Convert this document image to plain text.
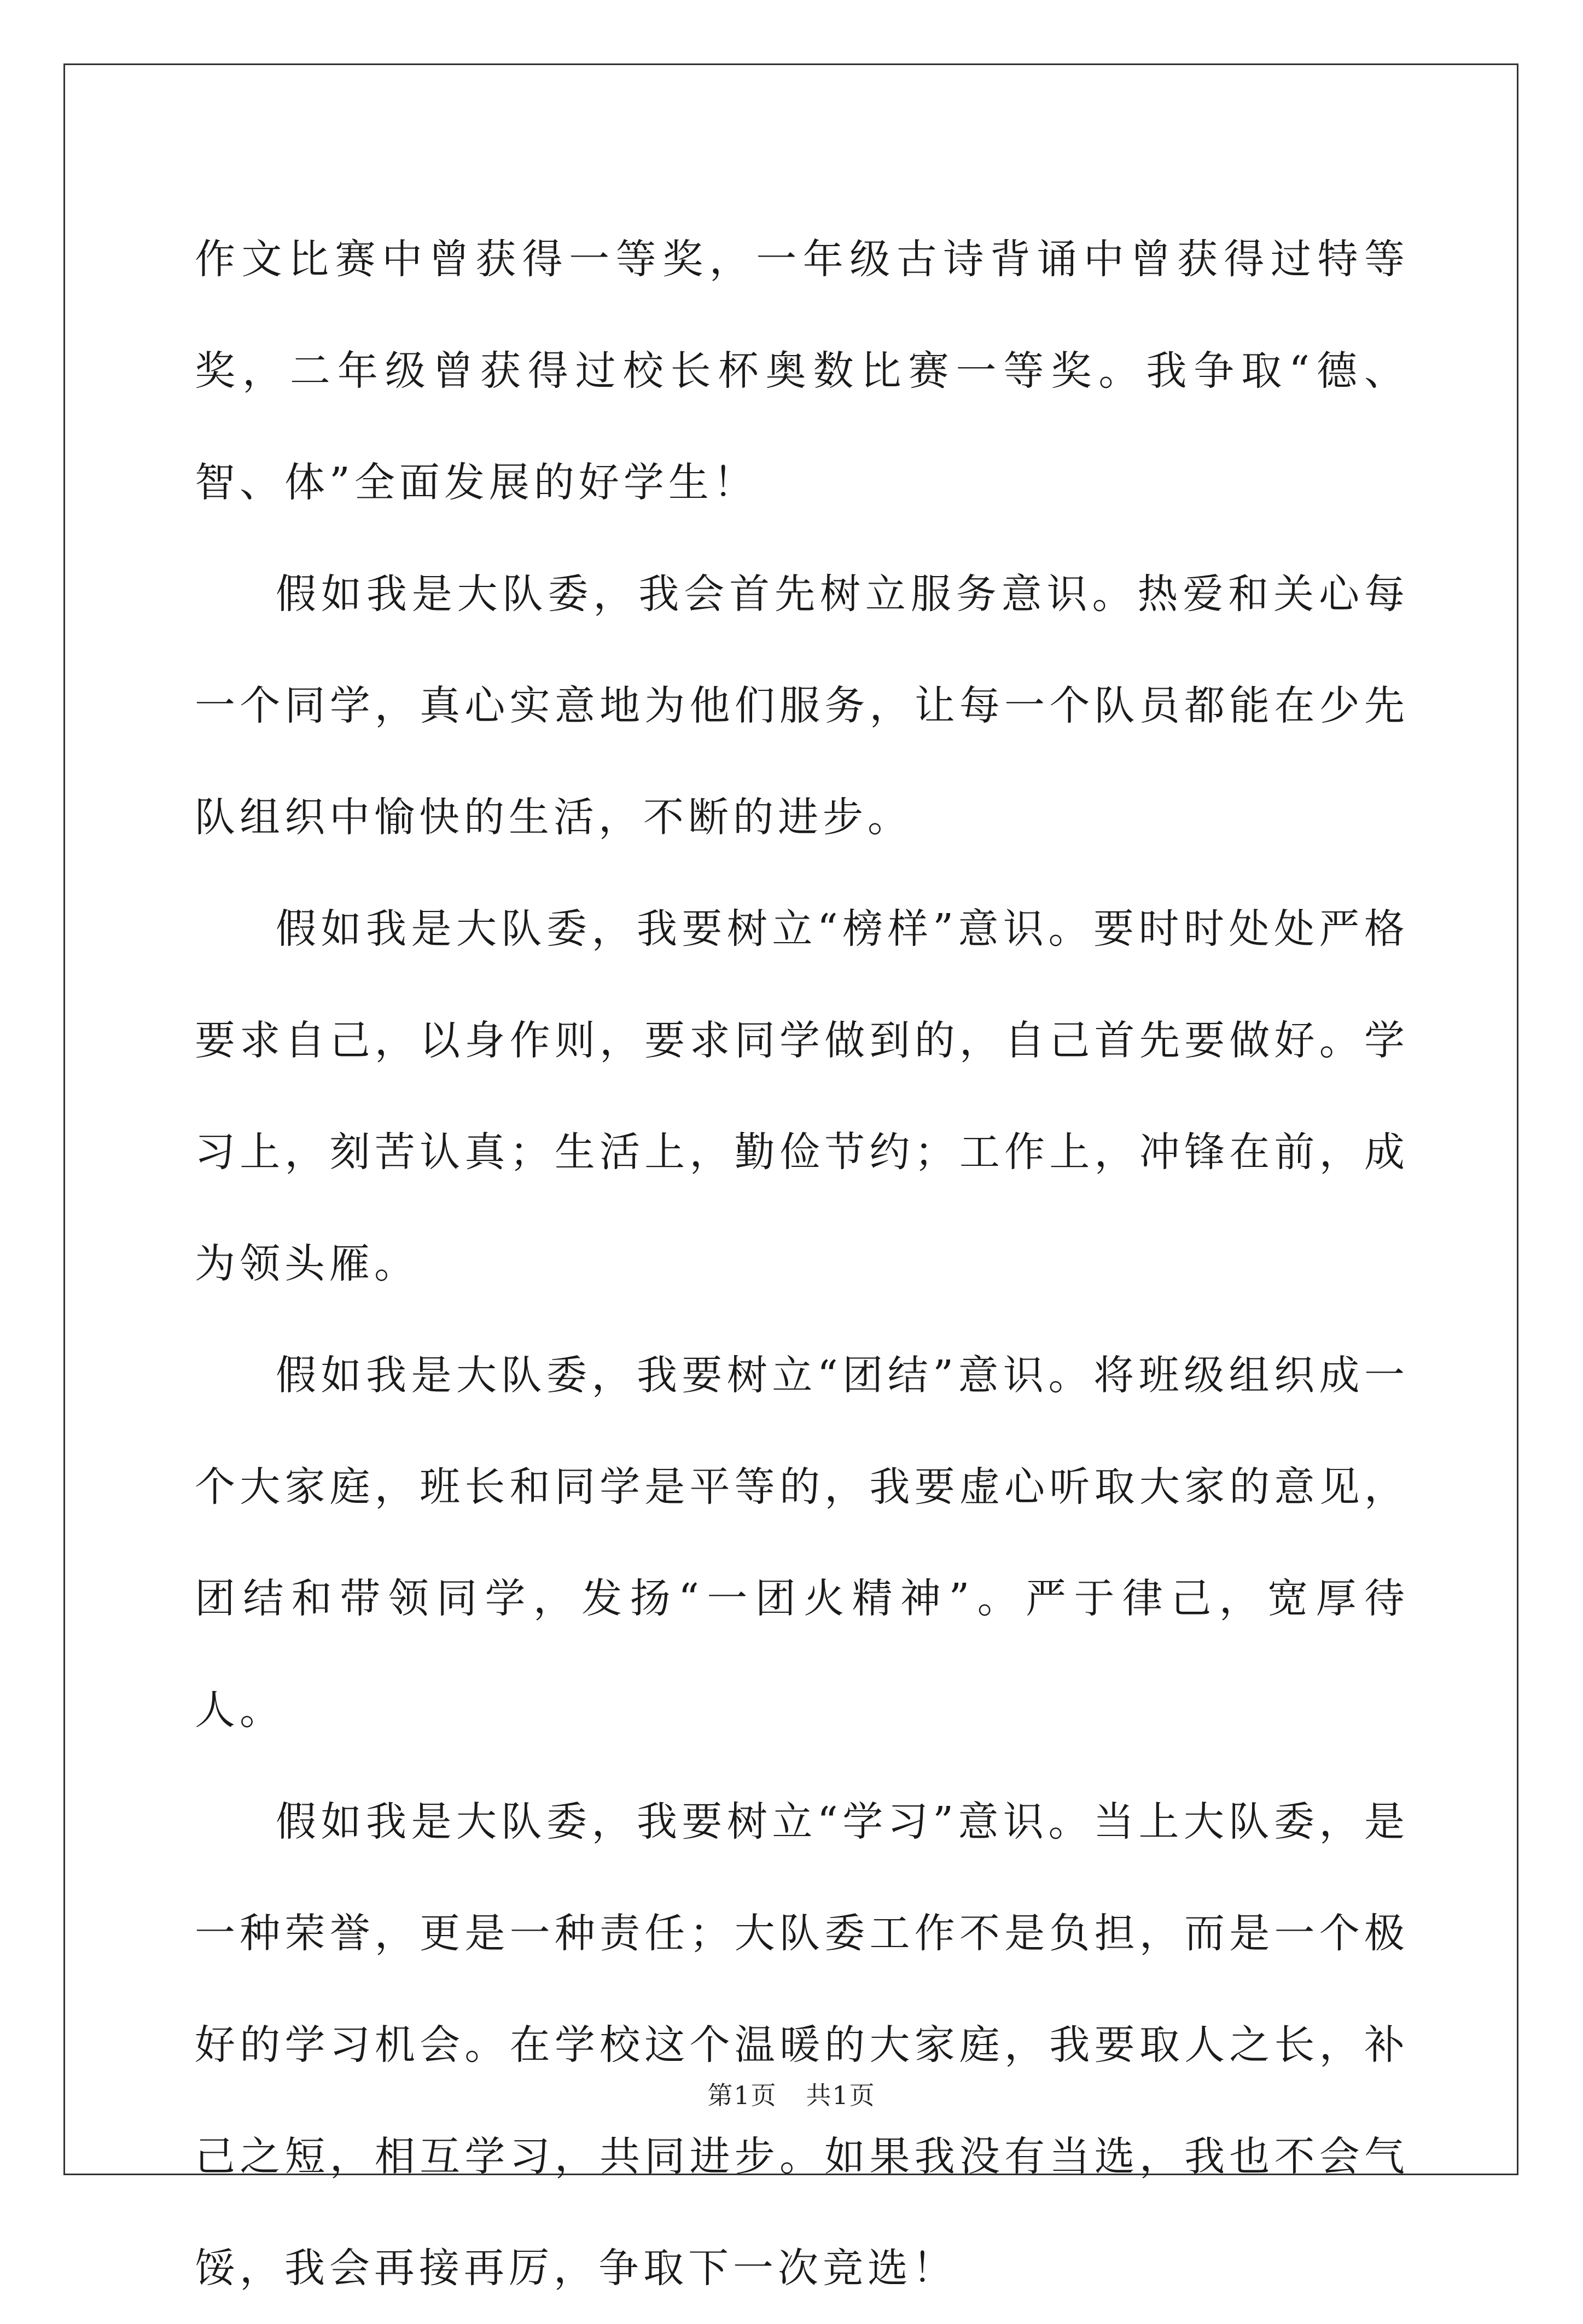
作文比赛中曾获得一等奖，一年级古诗背诵中曾获得过特等奖，二年级曾获得过校长杯奥数比赛一等奖。我争取“德、智、体”全面发展的好学生！

假如我是大队委，我会首先树立服务意识。热爱和关心每一个同学，真心实意地为他们服务，让每一个队员都能在少先队组织中愉快的生活，不断的进步。

假如我是大队委，我要树立“榜样”意识。要时时处处严格要求自己，以身作则，要求同学做到的，自己首先要做好。学习上，刻苦认真；生活上，勤俭节约；工作上，冲锋在前，成为领头雁。

假如我是大队委，我要树立“团结”意识。将班级组织成一个大家庭，班长和同学是平等的，我要虚心听取大家的意见，团结和带领同学，发扬“一团火精神”。严于律己，宽厚待人。

假如我是大队委，我要树立“学习”意识。当上大队委，是一种荣誉，更是一种责任；大队委工作不是负担，而是一个极好的学习机会。在学校这个温暖的大家庭，我要取人之长，补己之短，相互学习，共同进步。如果我没有当选，我也不会气馁，我会再接再厉，争取下一次竞选！

第1页 共1页
